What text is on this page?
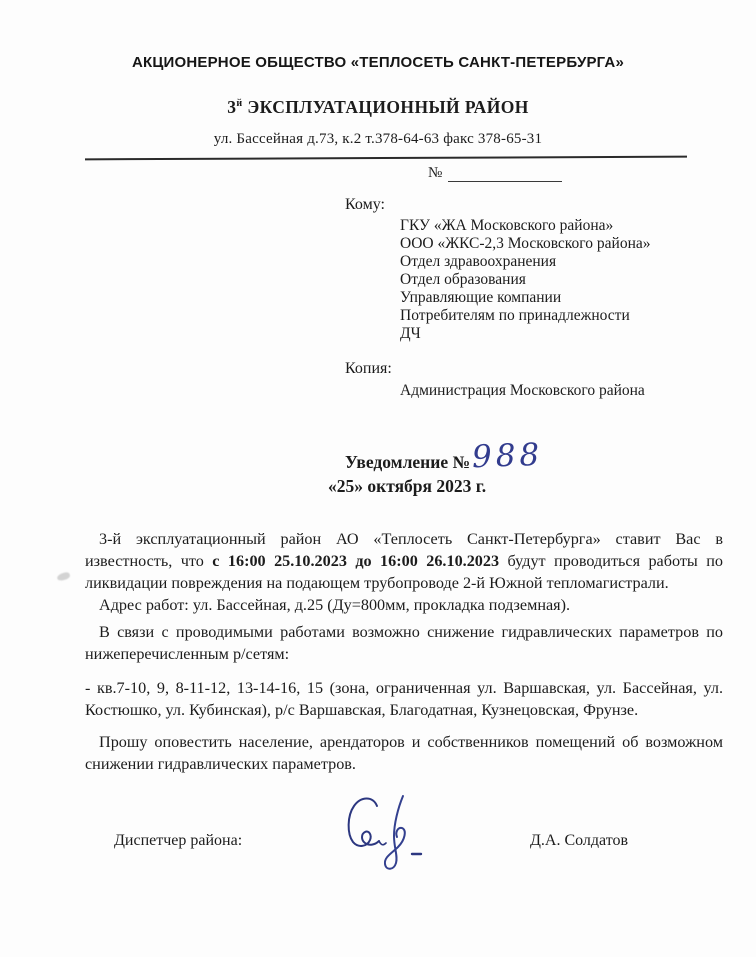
АКЦИОНЕРНОЕ ОБЩЕСТВО «ТЕПЛОСЕТЬ САНКТ-ПЕТЕРБУРГА»
$3^й$ ЭКСПЛУАТАЦИОННЫЙ РАЙОН
ул. Бассейная д.73, к.2 т.378-64-63 факс 378-65-31
№
Кому:
ГКУ «ЖА Московского района»
ООО «ЖКС-2,3 Московского района»
Отдел здравоохранения
Отдел образования
Управляющие компании
Потребителям по принадлежности
ДЧ
Копия:
Администрация Московского района
Уведомление № 988
«25» октября 2023 г.

3-й эксплуатационный район АО «Теплосеть Санкт-Петербурга» ставит Вас в известность, что с 16:00 25.10.2023 до 16:00 26.10.2023 будут проводиться работы по ликвидации повреждения на подающем трубопроводе 2-й Южной тепломагистрали.

Адрес работ: ул. Бассейная, д.25 (Ду=800мм, прокладка подземная).

В связи с проводимыми работами возможно снижение гидравлических параметров по нижеперечисленным р/сетям:

- кв.7-10, 9, 8-11-12, 13-14-16, 15 (зона, ограниченная ул. Варшавская, ул. Бассейная, ул. Костюшко, ул. Кубинская), р/с Варшавская, Благодатная, Кузнецовская, Фрунзе.

Прошу оповестить население, арендаторов и собственников помещений об возможном снижении гидравлических параметров.

Диспетчер района:	Д.А. Солдатов
